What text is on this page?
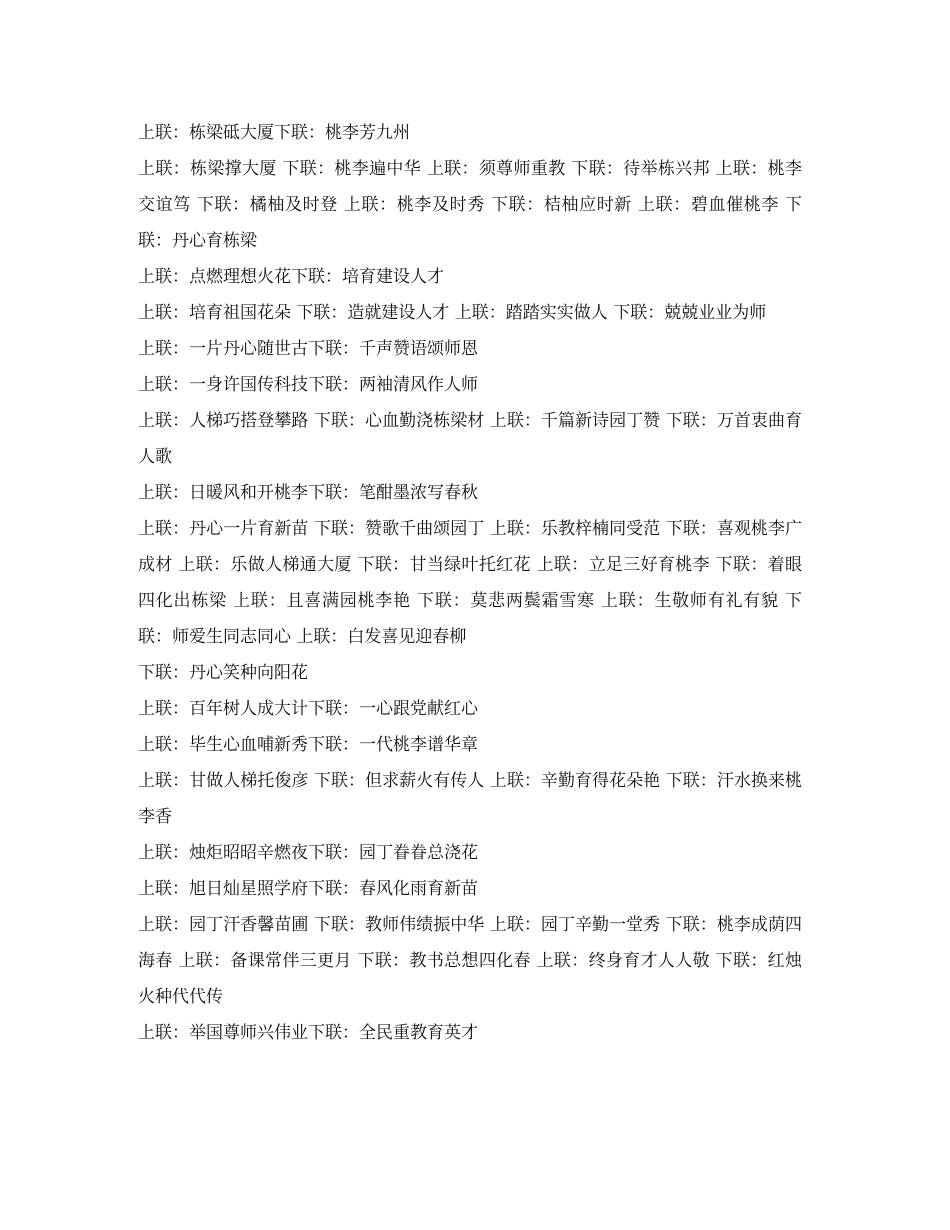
上联：栋梁砥大厦下联：桃李芳九州

上联：栋梁撑大厦 下联：桃李遍中华 上联：须尊师重教 下联：待举栋兴邦 上联：桃李交谊笃 下联：橘柚及时登 上联：桃李及时秀 下联：桔柚应时新 上联：碧血催桃李 下联：丹心育栋梁

上联：点燃理想火花下联：培育建设人才

上联：培育祖国花朵 下联：造就建设人才 上联：踏踏实实做人 下联：兢兢业业为师

上联：一片丹心随世古下联：千声赞语颂师恩

上联：一身许国传科技下联：两袖清风作人师

上联：人梯巧搭登攀路 下联：心血勤浇栋梁材 上联：千篇新诗园丁赞 下联：万首衷曲育人歌

上联：日暖风和开桃李下联：笔酣墨浓写春秋

上联：丹心一片育新苗 下联：赞歌千曲颂园丁 上联：乐教梓楠同受范 下联：喜观桃李广成材 上联：乐做人梯通大厦 下联：甘当绿叶托红花 上联：立足三好育桃李 下联：着眼四化出栋梁 上联：且喜满园桃李艳 下联：莫悲两鬓霜雪寒 上联：生敬师有礼有貌 下联：师爱生同志同心 上联：白发喜见迎春柳

下联：丹心笑种向阳花

上联：百年树人成大计下联：一心跟党献红心

上联：毕生心血哺新秀下联：一代桃李谱华章

上联：甘做人梯托俊彦 下联：但求薪火有传人 上联：辛勤育得花朵艳 下联：汗水换来桃李香

上联：烛炬昭昭辛燃夜下联：园丁眷眷总浇花

上联：旭日灿星照学府下联：春风化雨育新苗

上联：园丁汗香馨苗圃 下联：教师伟绩振中华 上联：园丁辛勤一堂秀 下联：桃李成荫四海春 上联：备课常伴三更月 下联：教书总想四化春 上联：终身育才人人敬 下联：红烛火种代代传

上联：举国尊师兴伟业下联：全民重教育英才
